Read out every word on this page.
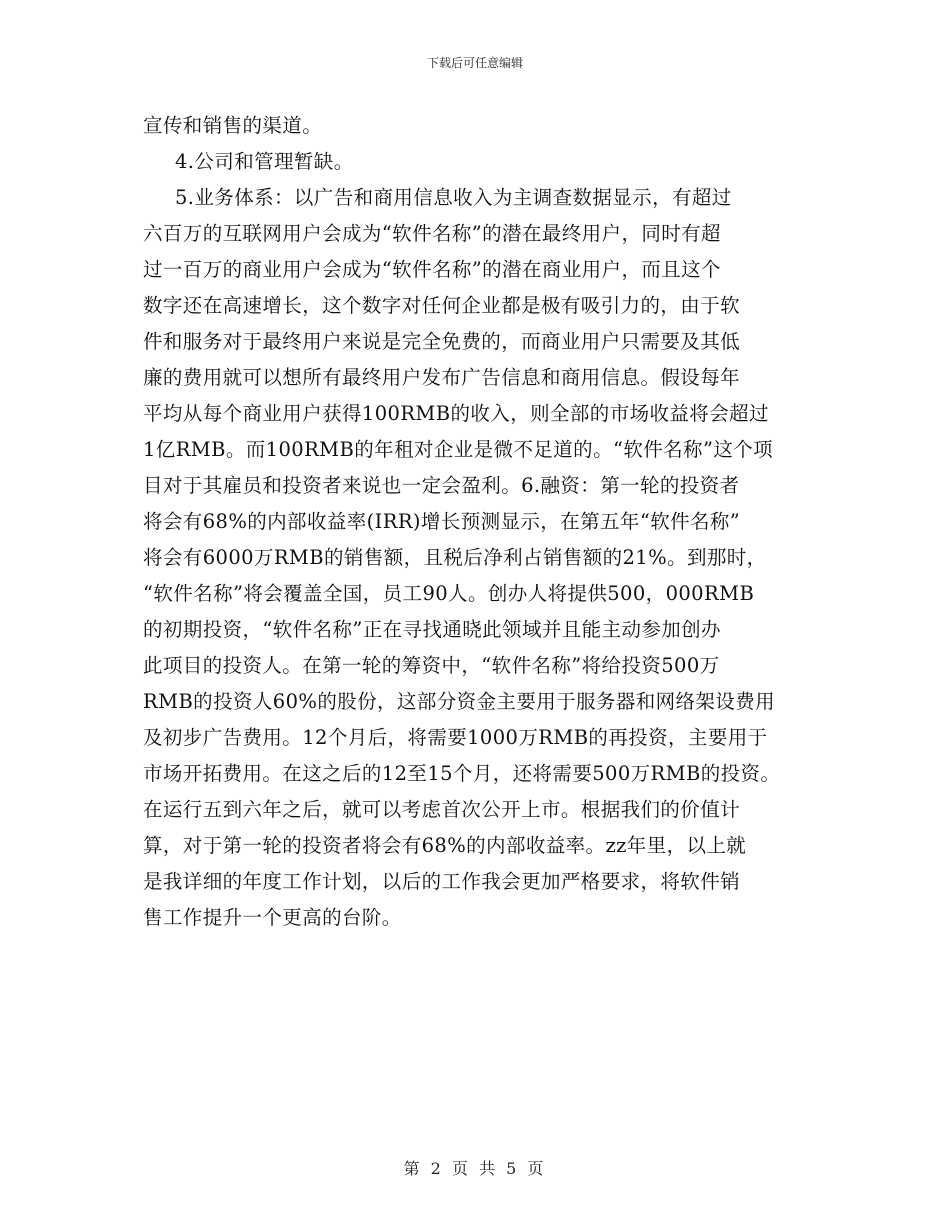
下载后可任意编辑
宣传和销售的渠道。
4.公司和管理暂缺。
5.业务体系：以广告和商用信息收入为主调查数据显示，有超过
六百万的互联网用户会成为“软件名称”的潜在最终用户，同时有超
过一百万的商业用户会成为“软件名称”的潜在商业用户，而且这个
数字还在高速增长，这个数字对任何企业都是极有吸引力的，由于软
件和服务对于最终用户来说是完全免费的，而商业用户只需要及其低
廉的费用就可以想所有最终用户发布广告信息和商用信息。假设每年
平均从每个商业用户获得100RMB的收入，则全部的市场收益将会超过
1亿RMB。而100RMB的年租对企业是微不足道的。“软件名称”这个项
目对于其雇员和投资者来说也一定会盈利。6.融资：第一轮的投资者
将会有68%的内部收益率(IRR)增长预测显示，在第五年“软件名称”
将会有6000万RMB的销售额，且税后净利占销售额的21%。到那时，
“软件名称”将会覆盖全国，员工90人。创办人将提供500，000RMB
的初期投资，“软件名称”正在寻找通晓此领域并且能主动参加创办
此项目的投资人。在第一轮的筹资中，“软件名称”将给投资500万
RMB的投资人60%的股份，这部分资金主要用于服务器和网络架设费用
及初步广告费用。12个月后，将需要1000万RMB的再投资，主要用于
市场开拓费用。在这之后的12至15个月，还将需要500万RMB的投资。
在运行五到六年之后，就可以考虑首次公开上市。根据我们的价值计
算，对于第一轮的投资者将会有68%的内部收益率。zz年里，以上就
是我详细的年度工作计划，以后的工作我会更加严格要求，将软件销
售工作提升一个更高的台阶。
第 2 页 共 5 页
